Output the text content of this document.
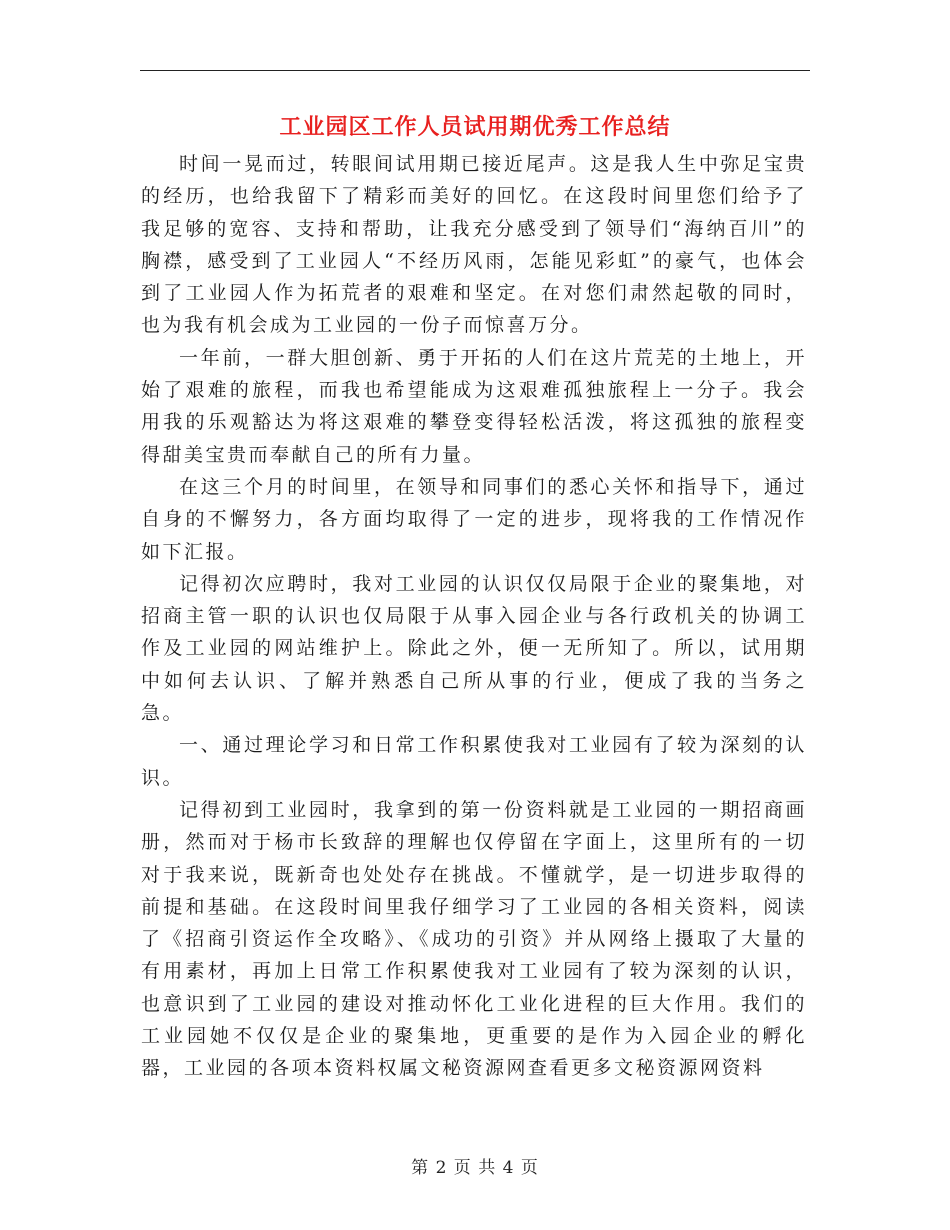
工业园区工作人员试用期优秀工作总结

时间一晃而过，转眼间试用期已接近尾声。这是我人生中弥足宝贵的经历，也给我留下了精彩而美好的回忆。在这段时间里您们给予了我足够的宽容、支持和帮助，让我充分感受到了领导们“海纳百川”的胸襟，感受到了工业园人“不经历风雨，怎能见彩虹”的豪气，也体会到了工业园人作为拓荒者的艰难和坚定。在对您们肃然起敬的同时，也为我有机会成为工业园的一份子而惊喜万分。

一年前，一群大胆创新、勇于开拓的人们在这片荒芜的土地上，开始了艰难的旅程，而我也希望能成为这艰难孤独旅程上一分子。我会用我的乐观豁达为将这艰难的攀登变得轻松活泼，将这孤独的旅程变得甜美宝贵而奉献自己的所有力量。

在这三个月的时间里，在领导和同事们的悉心关怀和指导下，通过自身的不懈努力，各方面均取得了一定的进步，现将我的工作情况作如下汇报。

记得初次应聘时，我对工业园的认识仅仅局限于企业的聚集地，对招商主管一职的认识也仅局限于从事入园企业与各行政机关的协调工作及工业园的网站维护上。除此之外，便一无所知了。所以，试用期中如何去认识、了解并熟悉自己所从事的行业，便成了我的当务之急。

一、通过理论学习和日常工作积累使我对工业园有了较为深刻的认识。

记得初到工业园时，我拿到的第一份资料就是工业园的一期招商画册，然而对于杨市长致辞的理解也仅停留在字面上，这里所有的一切对于我来说，既新奇也处处存在挑战。不懂就学，是一切进步取得的前提和基础。在这段时间里我仔细学习了工业园的各相关资料，阅读了《招商引资运作全攻略》、《成功的引资》并从网络上摄取了大量的有用素材，再加上日常工作积累使我对工业园有了较为深刻的认识，也意识到了工业园的建设对推动怀化工业化进程的巨大作用。我们的工业园她不仅仅是企业的聚集地，更重要的是作为入园企业的孵化器，工业园的各项本资料权属文秘资源网查看更多文秘资源网资料

第 2 页 共 4 页
